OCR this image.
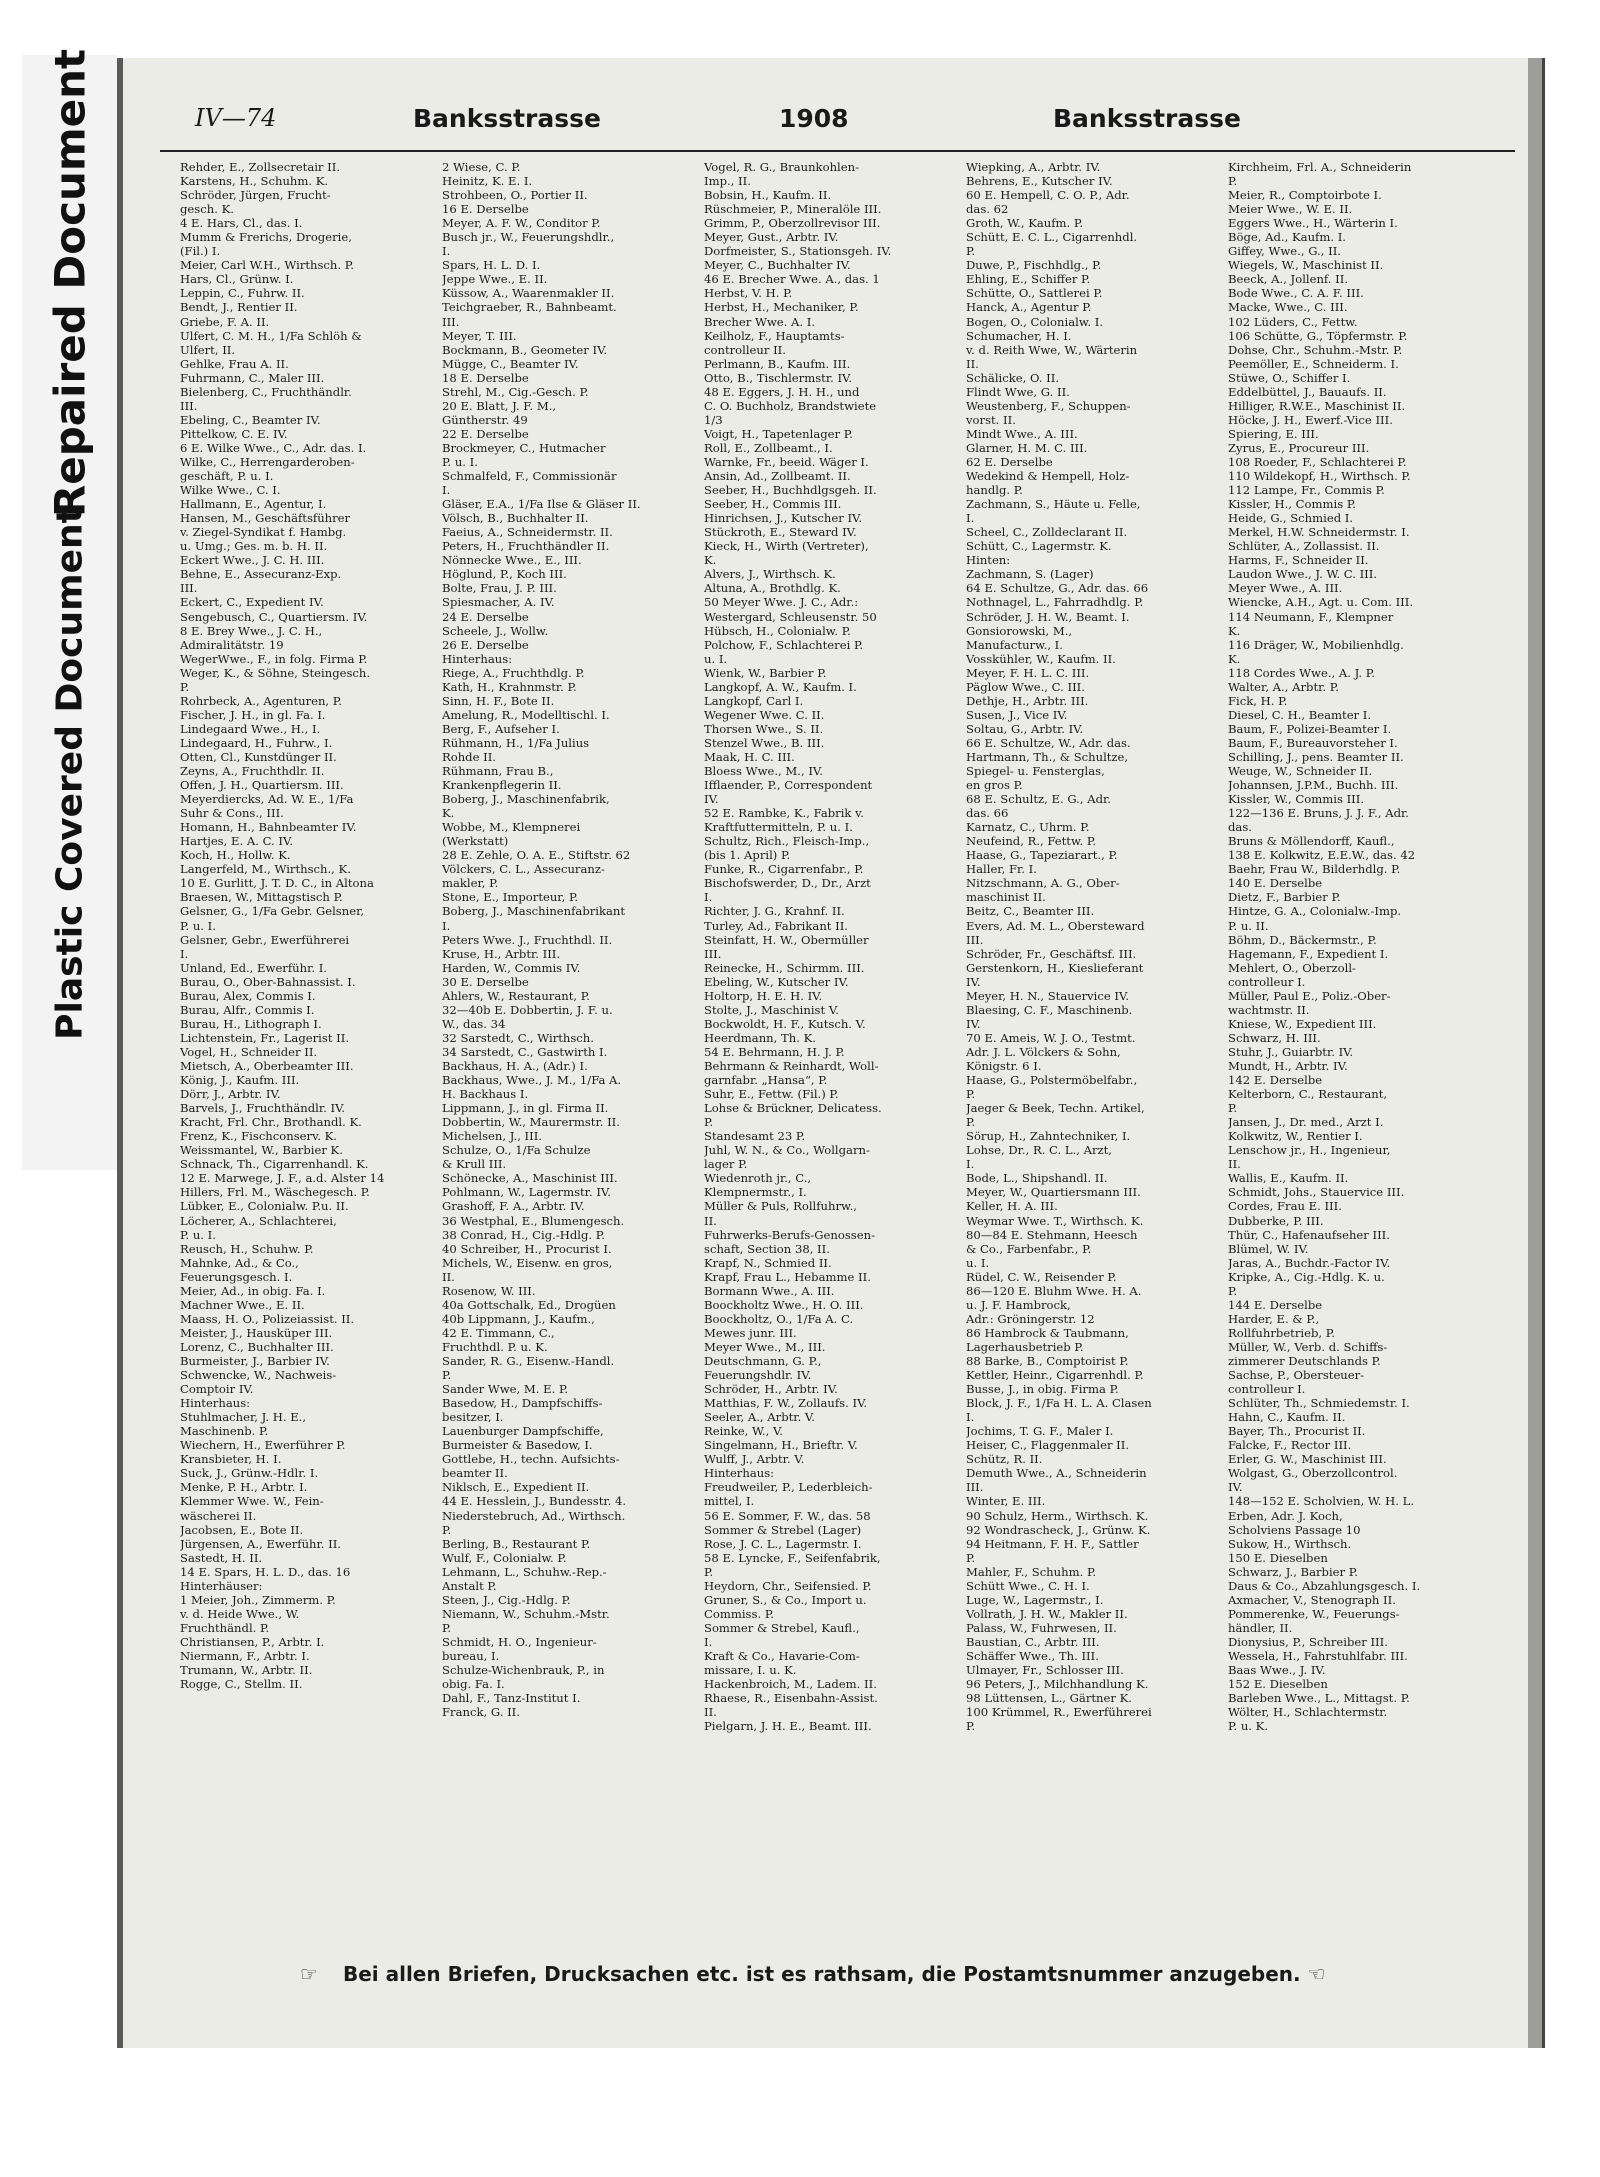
Repaired Document
Plastic Covered Document
IV—74	Banksstrasse	1908	Banksstrasse
Rehder, E., Zollsecretair II.
Karstens, H., Schuhm. K.
Schröder, Jürgen, Frucht-
gesch. K.
4 E. Hars, Cl., das. I.
Mumm & Frerichs, Drogerie,
(Fil.) I.
Meier, Carl W.H., Wirthsch. P.
Hars, Cl., Grünw. I.
Leppin, C., Fuhrw. II.
Bendt, J., Rentier II.
Griebe, F. A. II.
Ulfert, C. M. H., 1/Fa Schlöh &
Ulfert, II.
Gehlke, Frau A. II.
Fuhrmann, C., Maler III.
Bielenberg, C., Fruchthändlr.
III.
Ebeling, C., Beamter IV.
Pittelkow, C. E. IV.
6 E. Wilke Wwe., C., Adr. das. I.
Wilke, C., Herrengarderoben-
geschäft, P. u. I.
Wilke Wwe., C. I.
Hallmann, E., Agentur, I.
Hansen, M., Geschäftsführer
v. Ziegel-Syndikat f. Hambg.
u. Umg.; Ges. m. b. H. II.
Eckert Wwe., J. C. H. III.
Behne, E., Assecuranz-Exp.
III.
Eckert, C., Expedient IV.
Sengebusch, C., Quartiersm. IV.
8 E. Brey Wwe., J. C. H.,
Admiralitätstr. 19
WegerWwe., F., in folg. Firma P.
Weger, K., & Söhne, Steingesch.
P.
Rohrbeck, A., Agenturen, P.
Fischer, J. H., in gl. Fa. I.
Lindegaard Wwe., H., I.
Lindegaard, H., Fuhrw., I.
Otten, Cl., Kunstdünger II.
Zeyns, A., Fruchthdlr. II.
Offen, J. H., Quartiersm. III.
Meyerdiercks, Ad. W. E., 1/Fa
Suhr & Cons., III.
Homann, H., Bahnbeamter IV.
Hartjes, E. A. C. IV.
Koch, H., Hollw. K.
Langerfeld, M., Wirthsch., K.
10 E. Gurlitt, J. T. D. C., in Altona
Braesen, W., Mittagstisch P.
Gelsner, G., 1/Fa Gebr. Gelsner,
P. u. I.
Gelsner, Gebr., Ewerführerei
I.
Unland, Ed., Ewerführ. I.
Burau, O., Ober-Bahnassist. I.
Burau, Alex, Commis I.
Burau, Alfr., Commis I.
Burau, H., Lithograph I.
Lichtenstein, Fr., Lagerist II.
Vogel, H., Schneider II.
Mietsch, A., Oberbeamter III.
König, J., Kaufm. III.
Dörr, J., Arbtr. IV.
Barvels, J., Fruchthändlr. IV.
Kracht, Frl. Chr., Brothandl. K.
Frenz, K., Fischconserv. K.
Weissmantel, W., Barbier K.
Schnack, Th., Cigarrenhandl. K.
12 E. Marwege, J. F., a.d. Alster 14
Hillers, Frl. M., Wäschegesch. P.
Lübker, E., Colonialw. P.u. II.
Löcherer, A., Schlachterei,
P. u. I.
Reusch, H., Schuhw. P.
Mahnke, Ad., & Co.,
Feuerungsgesch. I.
Meier, Ad., in obig. Fa. I.
Machner Wwe., E. II.
Maass, H. O., Polizeiassist. II.
Meister, J., Hausküper III.
Lorenz, C., Buchhalter III.
Burmeister, J., Barbier IV.
Schwencke, W., Nachweis-
Comptoir IV.
Hinterhaus:
Stuhlmacher, J. H. E.,
Maschinenb. P.
Wiechern, H., Ewerführer P.
Kransbieter, H. I.
Suck, J., Grünw.-Hdlr. I.
Menke, P. H., Arbtr. I.
Klemmer Wwe. W., Fein-
wäscherei II.
Jacobsen, E., Bote II.
Jürgensen, A., Ewerführ. II.
Sastedt, H. II.
14 E. Spars, H. L. D., das. 16
Hinterhäuser:
1 Meier, Joh., Zimmerm. P.
v. d. Heide Wwe., W.
Fruchthändl. P.
Christiansen, P., Arbtr. I.
Niermann, F., Arbtr. I.
Trumann, W., Arbtr. II.
Rogge, C., Stellm. II.
2 Wiese, C. P.
Heinitz, K. E. I.
Strohbeen, O., Portier II.
16 E. Derselbe
Meyer, A. F. W., Conditor P.
Busch jr., W., Feuerungshdlr.,
I.
Spars, H. L. D. I.
Jeppe Wwe., E. II.
Küssow, A., Waarenmakler II.
Teichgraeber, R., Bahnbeamt.
III.
Meyer, T. III.
Bockmann, B., Geometer IV.
Mügge, C., Beamter IV.
18 E. Derselbe
Strehl, M., Cig.-Gesch. P.
20 E. Blatt, J. F. M.,
Güntherstr. 49
22 E. Derselbe
Brockmeyer, C., Hutmacher
P. u. I.
Schmalfeld, F., Commissionär
I.
Gläser, E.A., 1/Fa Ilse & Gläser II.
Völsch, B., Buchhalter II.
Faeius, A., Schneidermstr. II.
Peters, H., Fruchthändler II.
Nönnecke Wwe., E., III.
Höglund, P., Koch III.
Bolte, Frau, J. P. III.
Spiesmacher, A. IV.
24 E. Derselbe
Scheele, J., Wollw.
26 E. Derselbe
Hinterhaus:
Riege, A., Fruchthdlg. P.
Kath, H., Krahnmstr. P.
Sinn, H. F., Bote II.
Amelung, R., Modelltischl. I.
Berg, F., Aufseher I.
Rühmann, H., 1/Fa Julius
Rohde II.
Rühmann, Frau B.,
Krankenpflegerin II.
Boberg, J., Maschinenfabrik,
K.
Wobbe, M., Klempnerei
(Werkstatt)
28 E. Zehle, O. A. E., Stiftstr. 62
Völckers, C. L., Assecuranz-
makler, P.
Stone, E., Importeur, P.
Boberg, J., Maschinenfabrikant
I.
Peters Wwe. J., Fruchthdl. II.
Kruse, H., Arbtr. III.
Harden, W., Commis IV.
30 E. Derselbe
Ahlers, W., Restaurant, P.
32—40b E. Dobbertin, J. F. u.
W., das. 34
32 Sarstedt, C., Wirthsch.
34 Sarstedt, C., Gastwirth I.
Backhaus, H. A., (Adr.) I.
Backhaus, Wwe., J. M., 1/Fa A.
H. Backhaus I.
Lippmann, J., in gl. Firma II.
Dobbertin, W., Maurermstr. II.
Michelsen, J., III.
Schulze, O., 1/Fa Schulze
& Krull III.
Schönecke, A., Maschinist III.
Pohlmann, W., Lagermstr. IV.
Grashoff, F. A., Arbtr. IV.
36 Westphal, E., Blumengesch.
38 Conrad, H., Cig.-Hdlg. P.
40 Schreiber, H., Procurist I.
Michels, W., Eisenw. en gros,
II.
Rosenow, W. III.
40a Gottschalk, Ed., Drogüen
40b Lippmann, J., Kaufm.,
42 E. Timmann, C.,
Fruchthdl. P. u. K.
Sander, R. G., Eisenw.-Handl.
P.
Sander Wwe, M. E. P.
Basedow, H., Dampfschiffs-
besitzer, I.
Lauenburger Dampfschiffe,
Burmeister & Basedow, I.
Gottlebe, H., techn. Aufsichts-
beamter II.
Niklsch, E., Expedient II.
44 E. Hesslein, J., Bundesstr. 4.
Niederstebruch, Ad., Wirthsch.
P.
Berling, B., Restaurant P.
Wulf, F., Colonialw. P.
Lehmann, L., Schuhw.-Rep.-
Anstalt P.
Steen, J., Cig.-Hdlg. P.
Niemann, W., Schuhm.-Mstr.
P.
Schmidt, H. O., Ingenieur-
bureau, I.
Schulze-Wichenbrauk, P., in
obig. Fa. I.
Dahl, F., Tanz-Institut I.
Franck, G. II.
Vogel, R. G., Braunkohlen-
Imp., II.
Bobsin, H., Kaufm. II.
Rüschmeier, P., Mineralöle III.
Grimm, P., Oberzollrevisor III.
Meyer, Gust., Arbtr. IV.
Dorfmeister, S., Stationsgeh. IV.
Meyer, C., Buchhalter IV.
46 E. Brecher Wwe. A., das. 1
Herbst, V. H. P.
Herbst, H., Mechaniker, P.
Brecher Wwe. A. I.
Keilholz, F., Hauptamts-
controlleur II.
Perlmann, B., Kaufm. III.
Otto, B., Tischlermstr. IV.
48 E. Eggers, J. H. H., und
C. O. Buchholz, Brandstwiete
1/3
Voigt, H., Tapetenlager P.
Roll, E., Zollbeamt., I.
Warnke, Fr., beeid. Wäger I.
Ansin, Ad., Zollbeamt. II.
Seeber, H., Buchhdlgsgeh. II.
Seeber, H., Commis III.
Hinrichsen, J., Kutscher IV.
Stückroth, E., Steward IV.
Kieck, H., Wirth (Vertreter),
K.
Alvers, J., Wirthsch. K.
Altuna, A., Brothdlg. K.
50 Meyer Wwe. J. C., Adr.:
Westergard, Schleusenstr. 50
Hübsch, H., Colonialw. P.
Polchow, F., Schlachterei P.
u. I.
Wienk, W., Barbier P.
Langkopf, A. W., Kaufm. I.
Langkopf, Carl I.
Wegener Wwe. C. II.
Thorsen Wwe., S. II.
Stenzel Wwe., B. III.
Maak, H. C. III.
Bloess Wwe., M., IV.
Ifflaender, P., Correspondent
IV.
52 E. Rambke, K., Fabrik v.
Kraftfuttermitteln, P. u. I.
Schultz, Rich., Fleisch-Imp.,
(bis 1. April) P.
Funke, R., Cigarrenfabr., P.
Bischofswerder, D., Dr., Arzt
I.
Richter, J. G., Krahnf. II.
Turley, Ad., Fabrikant II.
Steinfatt, H. W., Obermüller
III.
Reinecke, H., Schirmm. III.
Ebeling, W., Kutscher IV.
Holtorp, H. E. H. IV.
Stolte, J., Maschinist V.
Bockwoldt, H. F., Kutsch. V.
Heerdmann, Th. K.
54 E. Behrmann, H. J. P.
Behrmann & Reinhardt, Woll-
garnfabr. „Hansa“, P.
Suhr, E., Fettw. (Fil.) P.
Lohse & Brückner, Delicatess.
P.
Standesamt 23 P.
Juhl, W. N., & Co., Wollgarn-
lager P.
Wiedenroth jr., C.,
Klempnermstr., I.
Müller & Puls, Rollfuhrw.,
II.
Fuhrwerks-Berufs-Genossen-
schaft, Section 38, II.
Krapf, N., Schmied II.
Krapf, Frau L., Hebamme II.
Bormann Wwe., A. III.
Boockholtz Wwe., H. O. III.
Boockholtz, O., 1/Fa A. C.
Mewes junr. III.
Meyer Wwe., M., III.
Deutschmann, G. P.,
Feuerungshdlr. IV.
Schröder, H., Arbtr. IV.
Matthias, F. W., Zollaufs. IV.
Seeler, A., Arbtr. V.
Reinke, W., V.
Singelmann, H., Brieftr. V.
Wulff, J., Arbtr. V.
Hinterhaus:
Freudweiler, P., Lederbleich-
mittel, I.
56 E. Sommer, F. W., das. 58
Sommer & Strebel (Lager)
Rose, J. C. L., Lagermstr. I.
58 E. Lyncke, F., Seifenfabrik,
P.
Heydorn, Chr., Seifensied. P.
Gruner, S., & Co., Import u.
Commiss. P.
Sommer & Strebel, Kaufl.,
I.
Kraft & Co., Havarie-Com-
missare, I. u. K.
Hackenbroich, M., Ladem. II.
Rhaese, R., Eisenbahn-Assist.
II.
Pielgarn, J. H. E., Beamt. III.
Wiepking, A., Arbtr. IV.
Behrens, E., Kutscher IV.
60 E. Hempell, C. O. P., Adr.
das. 62
Groth, W., Kaufm. P.
Schütt, E. C. L., Cigarrenhdl.
P.
Duwe, P., Fischhdlg., P.
Ehling, E., Schiffer P.
Schütte, O., Sattlerei P.
Hanck, A., Agentur P.
Bogen, O., Colonialw. I.
Schumacher, H. I.
v. d. Reith Wwe, W., Wärterin
II.
Schälicke, O. II.
Flindt Wwe, G. II.
Weustenberg, F., Schuppen-
vorst. II.
Mindt Wwe., A. III.
Glarner, H. M. C. III.
62 E. Derselbe
Wedekind & Hempell, Holz-
handlg. P.
Zachmann, S., Häute u. Felle,
I.
Scheel, C., Zolldeclarant II.
Schütt, C., Lagermstr. K.
Hinten:
Zachmann, S. (Lager)
64 E. Schultze, G., Adr. das. 66
Nothnagel, L., Fahrradhdlg. P.
Schröder, J. H. W., Beamt. I.
Gonsiorowski, M.,
Manufacturw., I.
Vosskühler, W., Kaufm. II.
Meyer, F. H. L. C. III.
Päglow Wwe., C. III.
Dethje, H., Arbtr. III.
Susen, J., Vice IV.
Soltau, G., Arbtr. IV.
66 E. Schultze, W., Adr. das.
Hartmann, Th., & Schultze,
Spiegel- u. Fensterglas,
en gros P.
68 E. Schultz, E. G., Adr.
das. 66
Karnatz, C., Uhrm. P.
Neufeind, R., Fettw. P.
Haase, G., Tapeziarart., P.
Haller, Fr. I.
Nitzschmann, A. G., Ober-
maschinist II.
Beitz, C., Beamter III.
Evers, Ad. M. L., Obersteward
III.
Schröder, Fr., Geschäftsf. III.
Gerstenkorn, H., Kieslieferant
IV.
Meyer, H. N., Stauervice IV.
Blaesing, C. F., Maschinenb.
IV.
70 E. Ameis, W. J. O., Testmt.
Adr. J. L. Völckers & Sohn,
Königstr. 6 I.
Haase, G., Polstermöbelfabr.,
P.
Jaeger & Beek, Techn. Artikel,
P.
Sörup, H., Zahntechniker, I.
Lohse, Dr., R. C. L., Arzt,
I.
Bode, L., Shipshandl. II.
Meyer, W., Quartiersmann III.
Keller, H. A. III.
Weymar Wwe. T., Wirthsch. K.
80—84 E. Stehmann, Heesch
& Co., Farbenfabr., P.
u. I.
Rüdel, C. W., Reisender P.
86—120 E. Bluhm Wwe. H. A.
u. J. F. Hambrock,
Adr.: Gröningerstr. 12
86 Hambrock & Taubmann,
Lagerhausbetrieb P.
88 Barke, B., Comptoirist P.
Kettler, Heinr., Cigarrenhdl. P.
Busse, J., in obig. Firma P.
Block, J. F., 1/Fa H. L. A. Clasen
I.
Jochims, T. G. F., Maler I.
Heiser, C., Flaggenmaler II.
Schütz, R. II.
Demuth Wwe., A., Schneiderin
III.
Winter, E. III.
90 Schulz, Herm., Wirthsch. K.
92 Wondrascheck, J., Grünw. K.
94 Heitmann, F. H. F., Sattler
P.
Mahler, F., Schuhm. P.
Schütt Wwe., C. H. I.
Luge, W., Lagermstr., I.
Vollrath, J. H. W., Makler II.
Palass, W., Fuhrwesen, II.
Baustian, C., Arbtr. III.
Schäffer Wwe., Th. III.
Ulmayer, Fr., Schlosser III.
96 Peters, J., Milchhandlung K.
98 Lüttensen, L., Gärtner K.
100 Krümmel, R., Ewerführerei
P.
Kirchheim, Frl. A., Schneiderin
P.
Meier, R., Comptoirbote I.
Meier Wwe., W. E. II.
Eggers Wwe., H., Wärterin I.
Böge, Ad., Kaufm. I.
Giffey, Wwe., G., II.
Wiegels, W., Maschinist II.
Beeck, A., Jollenf. II.
Bode Wwe., C. A. F. III.
Macke, Wwe., C. III.
102 Lüders, C., Fettw.
106 Schütte, G., Töpfermstr. P.
Dohse, Chr., Schuhm.-Mstr. P.
Peemöller, E., Schneiderm. I.
Stüwe, O., Schiffer I.
Eddelbüttel, J., Bauaufs. II.
Hilliger, R.W.E., Maschinist II.
Höcke, J. H., Ewerf.-Vice III.
Spiering, E. III.
Zyrus, E., Procureur III.
108 Roeder, F., Schlachterei P.
110 Wildekopf, H., Wirthsch. P.
112 Lampe, Fr., Commis P.
Kissler, H., Commis P.
Heide, G., Schmied I.
Merkel, H.W. Schneidermstr. I.
Schlüter, A., Zollassist. II.
Harms, F., Schneider II.
Laudon Wwe., J. W. C. III.
Meyer Wwe., A. III.
Wiencke, A.H., Agt. u. Com. III.
114 Neumann, F., Klempner
K.
116 Dräger, W., Mobilienhdlg.
K.
118 Cordes Wwe., A. J. P.
Walter, A., Arbtr. P.
Fick, H. P.
Diesel, C. H., Beamter I.
Baum, F., Polizei-Beamter I.
Baum, F., Bureauvorsteher I.
Schilling, J., pens. Beamter II.
Weuge, W., Schneider II.
Johannsen, J.P.M., Buchh. III.
Kissler, W., Commis III.
122—136 E. Bruns, J. J. F., Adr.
das.
Bruns & Möllendorff, Kaufl.,
138 E. Kolkwitz, E.E.W., das. 42
Baehr, Frau W., Bilderhdlg. P.
140 E. Derselbe
Dietz, F., Barbier P.
Hintze, G. A., Colonialw.-Imp.
P. u. II.
Böhm, D., Bäckermstr., P.
Hagemann, F., Expedient I.
Mehlert, O., Oberzoll-
controlleur I.
Müller, Paul E., Poliz.-Ober-
wachtmstr. II.
Kniese, W., Expedient III.
Schwarz, H. III.
Stuhr, J., Guiarbtr. IV.
Mundt, H., Arbtr. IV.
142 E. Derselbe
Kelterborn, C., Restaurant,
P.
Jansen, J., Dr. med., Arzt I.
Kolkwitz, W., Rentier I.
Lenschow jr., H., Ingenieur,
II.
Wallis, E., Kaufm. II.
Schmidt, Johs., Stauervice III.
Cordes, Frau E. III.
Dubberke, P. III.
Thür, C., Hafenaufseher III.
Blümel, W. IV.
Jaras, A., Buchdr.-Factor IV.
Kripke, A., Cig.-Hdlg. K. u.
P.
144 E. Derselbe
Harder, E. & P.,
Rollfuhrbetrieb, P.
Müller, W., Verb. d. Schiffs-
zimmerer Deutschlands P.
Sachse, P., Obersteuer-
controlleur I.
Schlüter, Th., Schmiedemstr. I.
Hahn, C., Kaufm. II.
Bayer, Th., Procurist II.
Falcke, F., Rector III.
Erler, G. W., Maschinist III.
Wolgast, G., Oberzollcontrol.
IV.
148—152 E. Scholvien, W. H. L.
Erben, Adr. J. Koch,
Scholviens Passage 10
Sukow, H., Wirthsch.
150 E. Dieselben
Schwarz, J., Barbier P.
Daus & Co., Abzahlungsgesch. I.
Axmacher, V., Stenograph II.
Pommerenke, W., Feuerungs-
händler, II.
Dionysius, P., Schreiber III.
Wessela, H., Fahrstuhlfabr. III.
Baas Wwe., J. IV.
152 E. Dieselben
Barleben Wwe., L., Mittagst. P.
Wölter, H., Schlachtermstr.
P. u. K.
☞ Bei allen Briefen, Drucksachen etc. ist es rathsam, die Postamtsnummer anzugeben. ☜
